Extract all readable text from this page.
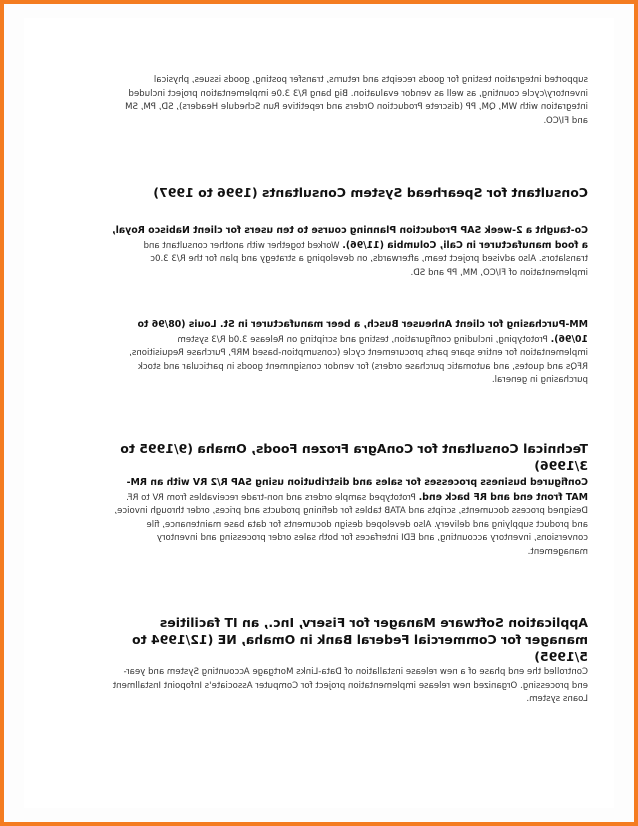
supported integration testing for goods receipts and returns, transfer posting, goods issues, physical inventory/cycle counting, as well as vendor evaluation. Big bang R/3 3.0e implementation project included integration with WM, QM, PP (discrete Production Orders and repetitive Run Schedule Headers), SD, PM, SM and FI/CO.
Consultant for Spearhead System Consultants (1996 to 1997)
Co-taught a 2-week SAP Production Planning course to ten users for client Nabisco Royal, a food manufacturer in Cali, Columbia (11/96). Worked together with another consultant and translators. Also advised project team, afterwards, on developing a strategy and plan for the R/3 3.0c implementation of FI/CO, MM, PP and SD.
MM-Purchasing for client Anheuser Busch, a beer manufacturer in St. Louis (08/96 to 10/96). Prototyping, including configuration, testing and scripting on Release 3.0d R/3 system implementation for entire spare parts procurement cycle (consumption-based MRP, Purchase Requisitions, RFQs and quotes, and automatic purchase orders) for vendor consignment goods in particular and stock purchasing in general.
Technical Consultant for ConAgra Frozen Foods, Omaha (9/1995 to 3/1996)
Configured business processes for sales and distribution using SAP R/2 RV with an RM-MAT front end and RF back end. Prototyped sample orders and non-trade receivables from RV to RF. Designed process documents, scripts and ATAB tables for defining products and prices, order through invoice, and product supplying and delivery. Also developed design documents for data base maintenance, file conversions, inventory accounting, and EDI interfaces for both sales order processing and inventory management.
Application Software Manager for Fiserv, Inc., an IT facilities manager for Commercial Federal Bank in Omaha, NE (12/1994 to 5/1995)
Controlled the end phase of a new release installation of Data-Links Mortgage Accounting System and year-end processing. Organized new release implementation project for Computer Associate's Infopoint Installment Loans system.
